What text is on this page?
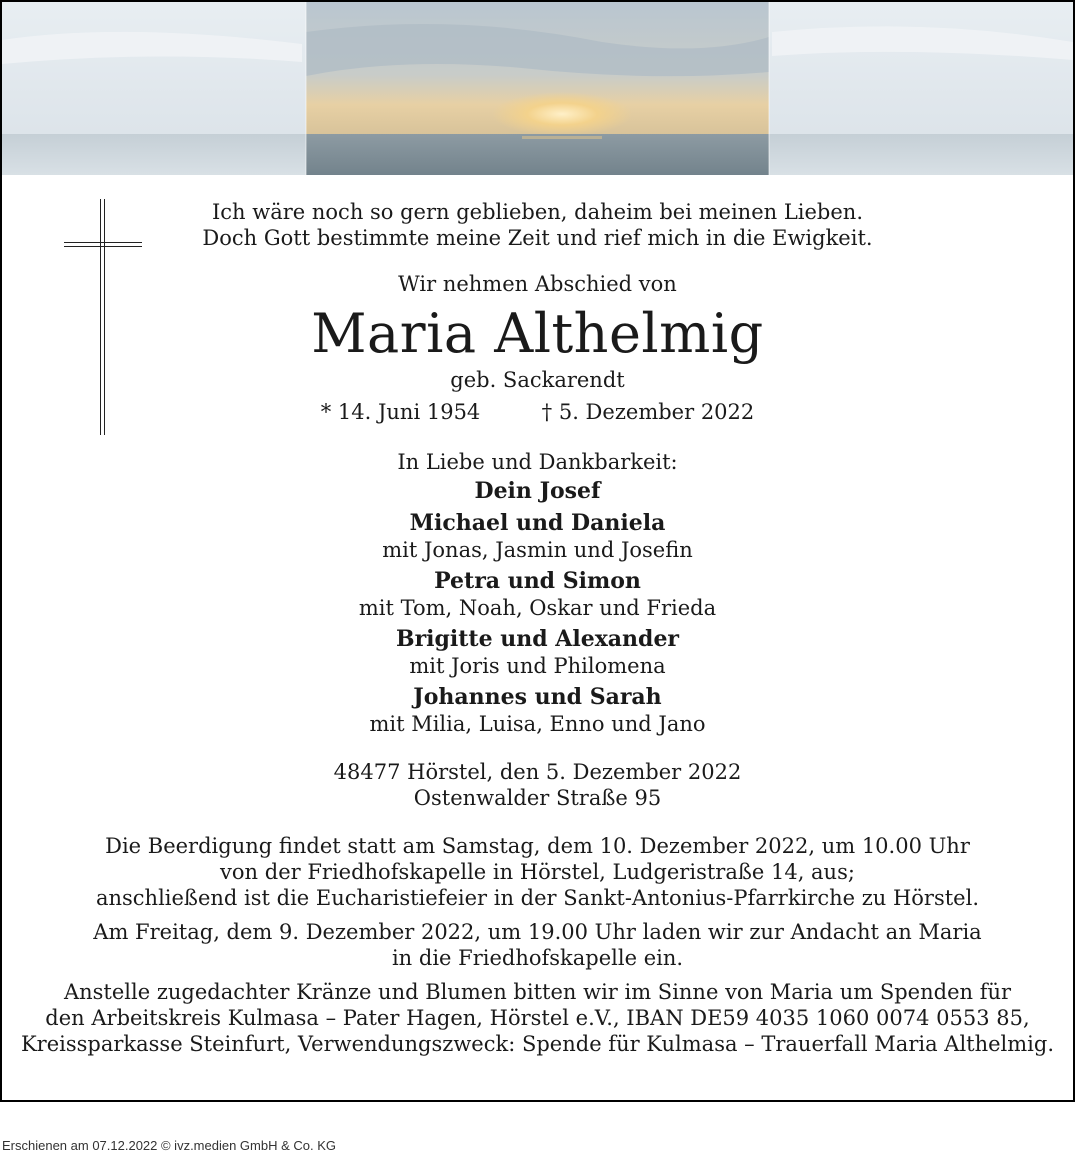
Ich wäre noch so gern geblieben, daheim bei meinen Lieben.
Doch Gott bestimmte meine Zeit und rief mich in die Ewigkeit.
Wir nehmen Abschied von
Maria Althelmig
geb. Sackarendt
* 14. Juni 1954	† 5. Dezember 2022
In Liebe und Dankbarkeit:
Dein Josef
Michael und Daniela
mit Jonas, Jasmin und Josefin
Petra und Simon
mit Tom, Noah, Oskar und Frieda
Brigitte und Alexander
mit Joris und Philomena
Johannes und Sarah
mit Milia, Luisa, Enno und Jano
48477 Hörstel, den 5. Dezember 2022
Ostenwalder Straße 95
Die Beerdigung findet statt am Samstag, dem 10. Dezember 2022, um 10.00 Uhr
von der Friedhofskapelle in Hörstel, Ludgeristraße 14, aus;
anschließend ist die Eucharistiefeier in der Sankt-Antonius-Pfarrkirche zu Hörstel.
Am Freitag, dem 9. Dezember 2022, um 19.00 Uhr laden wir zur Andacht an Maria
in die Friedhofskapelle ein.
Anstelle zugedachter Kränze und Blumen bitten wir im Sinne von Maria um Spenden für
den Arbeitskreis Kulmasa – Pater Hagen, Hörstel e.V., IBAN DE59 4035 1060 0074 0553 85,
Kreissparkasse Steinfurt, Verwendungszweck: Spende für Kulmasa – Trauerfall Maria Althelmig.
Erschienen am 07.12.2022 © ivz.medien GmbH & Co. KG
